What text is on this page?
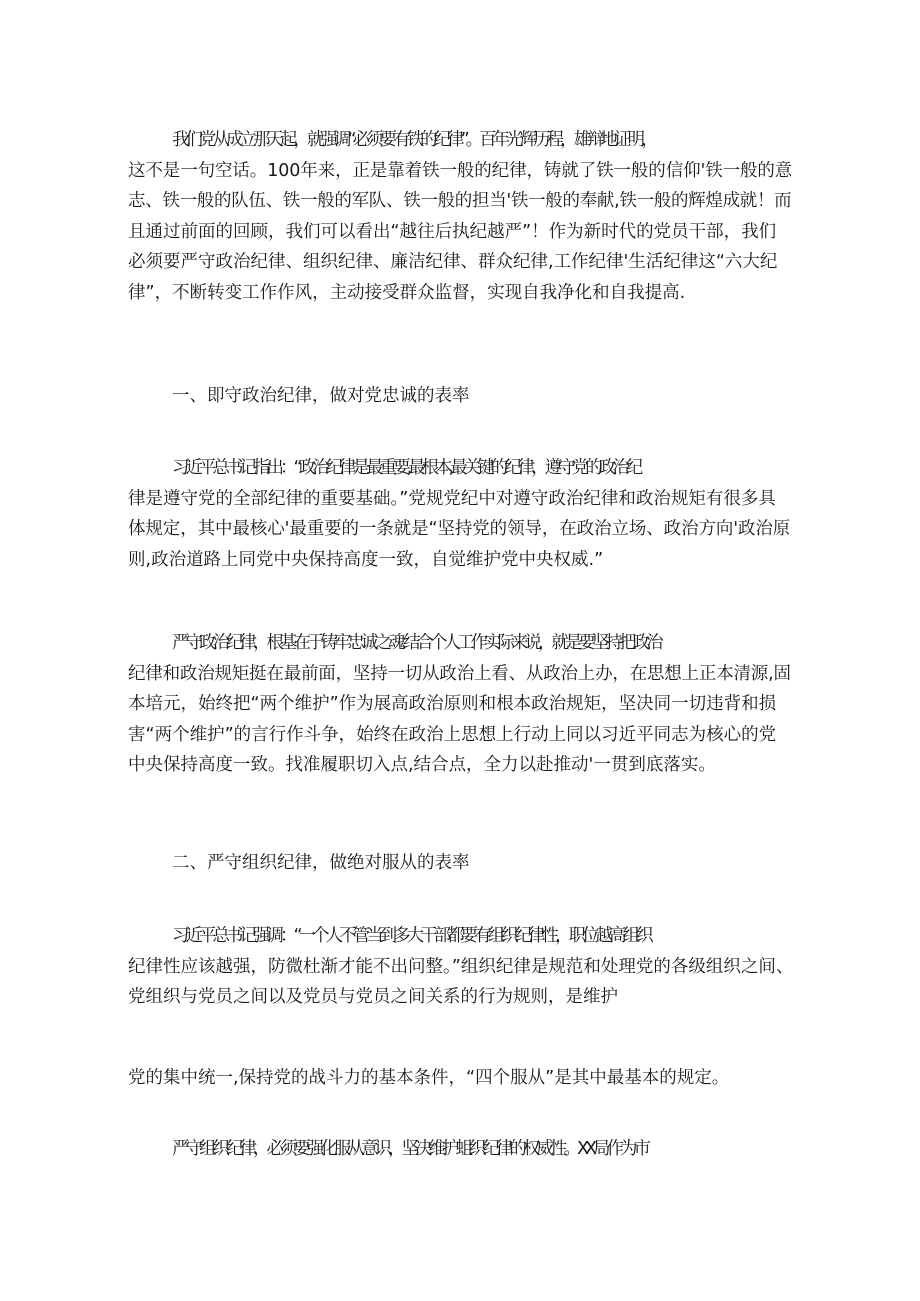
我们党从成立那天起，就强调“必须要有铁的纪律”。百年光辉历程，雄辩地证明，
这不是一句空话。100年来，正是靠着铁一般的纪律，铸就了铁一般的信仰'铁一般的意
志、铁一般的队伍、铁一般的军队、铁一般的担当'铁一般的奉献,铁一般的辉煌成就！而
且通过前面的回顾，我们可以看出“越往后执纪越严”！作为新时代的党员干部，我们
必须要严守政治纪律、组织纪律、廉洁纪律、群众纪律,工作纪律'生活纪律这“六大纪
律”，不断转变工作作风，主动接受群众监督，实现自我净化和自我提高.
一、即守政治纪律，做对党忠诚的表率
习近平总书记指出：“政治纪律是最重要,最根本,最关键的纪律，遵守党的政治纪
律是遵守党的全部纪律的重要基础。”党规党纪中对遵守政治纪律和政治规矩有很多具
体规定，其中最核心'最重要的一条就是“坚持党的领导，在政治立场、政治方向'政治原
则,政治道路上同党中央保持高度一致，自觉维护党中央权威.”
严守政治纪律，根基在于铸牢忠诚之魂.结合个人工作实际来说，就是要坚持把政治
纪律和政治规矩挺在最前面，坚持一切从政治上看、从政治上办，在思想上正本清源,固
本培元，始终把“两个维护”作为展高政治原则和根本政治规矩，坚决同一切违背和损
害“两个维护”的言行作斗争，始终在政治上思想上行动上同以习近平同志为核心的党
中央保持高度一致。找准履职切入点,结合点，全力以赴推动'一贯到底落实。
二、严守组织纪律，做绝对服从的表率
习近平总书记强调：“一个人不管当到多大干部都要有组织纪律性，职位越高组织
纪律性应该越强，防微杜渐才能不出问整。”组织纪律是规范和处理党的各级组织之间、
党组织与党员之间以及党员与党员之间关系的行为规则，是维护
党的集中统一,保持党的战斗力的基本条件，“四个服从”是其中最基本的规定。
严守组织纪律，必须要强化服从意识，坚决维护蛆织纪律的权威性。XX局作为市
